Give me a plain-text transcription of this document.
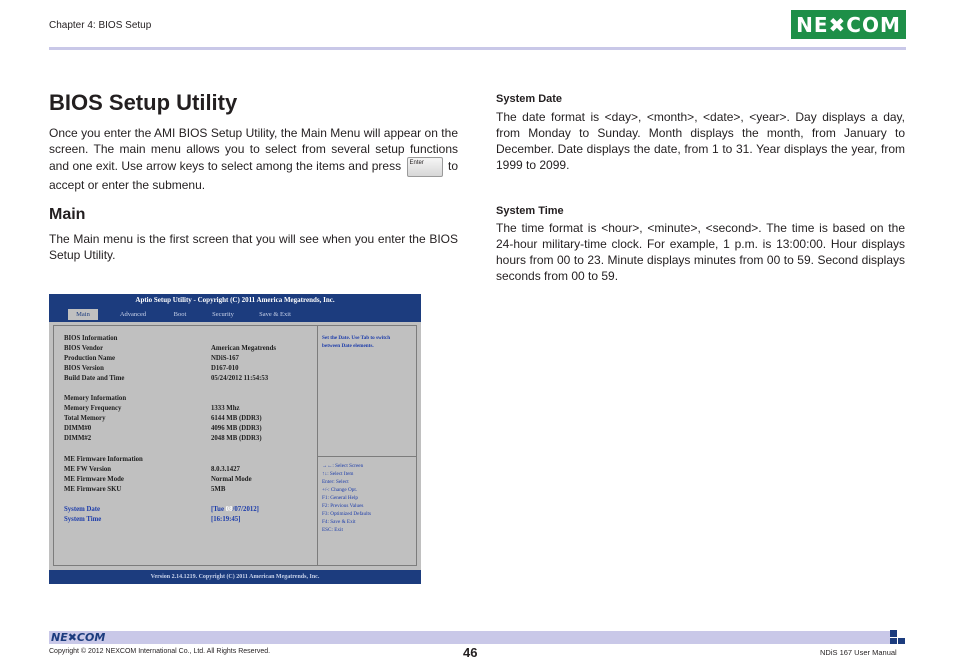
Chapter 4: BIOS Setup	NE✖COM
BIOS Setup Utility
Once you enter the AMI BIOS Setup Utility, the Main Menu will appear on the screen. The main menu allows you to select from several setup functions and one exit. Use arrow keys to select among the items and press Enter to accept or enter the submenu.
Main
The Main menu is the first screen that you will see when you enter the BIOS Setup Utility.
System Date
The date format is <day>, <month>, <date>, <year>. Day displays a day, from Monday to Sunday. Month displays the month, from January to December. Date displays the date, from 1 to 31. Year displays the year, from 1999 to 2099.
System Time
The time format is <hour>, <minute>, <second>. The time is based on the 24-hour military-time clock. For example, 1 p.m. is 13:00:00. Hour displays hours from 00 to 23. Minute displays minutes from 00 to 59. Second displays seconds from 00 to 59.
Aptio Setup Utility - Copyright (C) 2011 America Megatrends, Inc.
Main	Advanced	Boot	Security	Save & Exit
BIOS Information
BIOS Vendor	American Megatrends
Production Name	NDiS-167
BIOS Version	D167-010
Build Date and Time	05/24/2012 11:54:53
Memory Information
Memory Frequency	1333 Mhz
Total Memory	6144 MB (DDR3)
DIMM#0	4096 MB (DDR3)
DIMM#2	2048 MB (DDR3)
ME Firmware Information
ME FW Version	8.0.3.1427
ME Firmware Mode	Normal Mode
ME Firmware SKU	5MB
System Date	[Tue 08/07/2012]
System Time	[16:19:45]
Set the Date. Use Tab to switch
between Date elements.
→←: Select Screen
↑↓: Select Item
Enter: Select
+/-: Change Opt.
F1: General Help
F2: Previous Values
F3: Optimized Defaults
F4: Save & Exit
ESC: Exit
Version 2.14.1219. Copyright (C) 2011 American Megatrends, Inc.
NE✖COM
Copyright © 2012 NEXCOM International Co., Ltd. All Rights Reserved.	46	NDiS 167 User Manual
